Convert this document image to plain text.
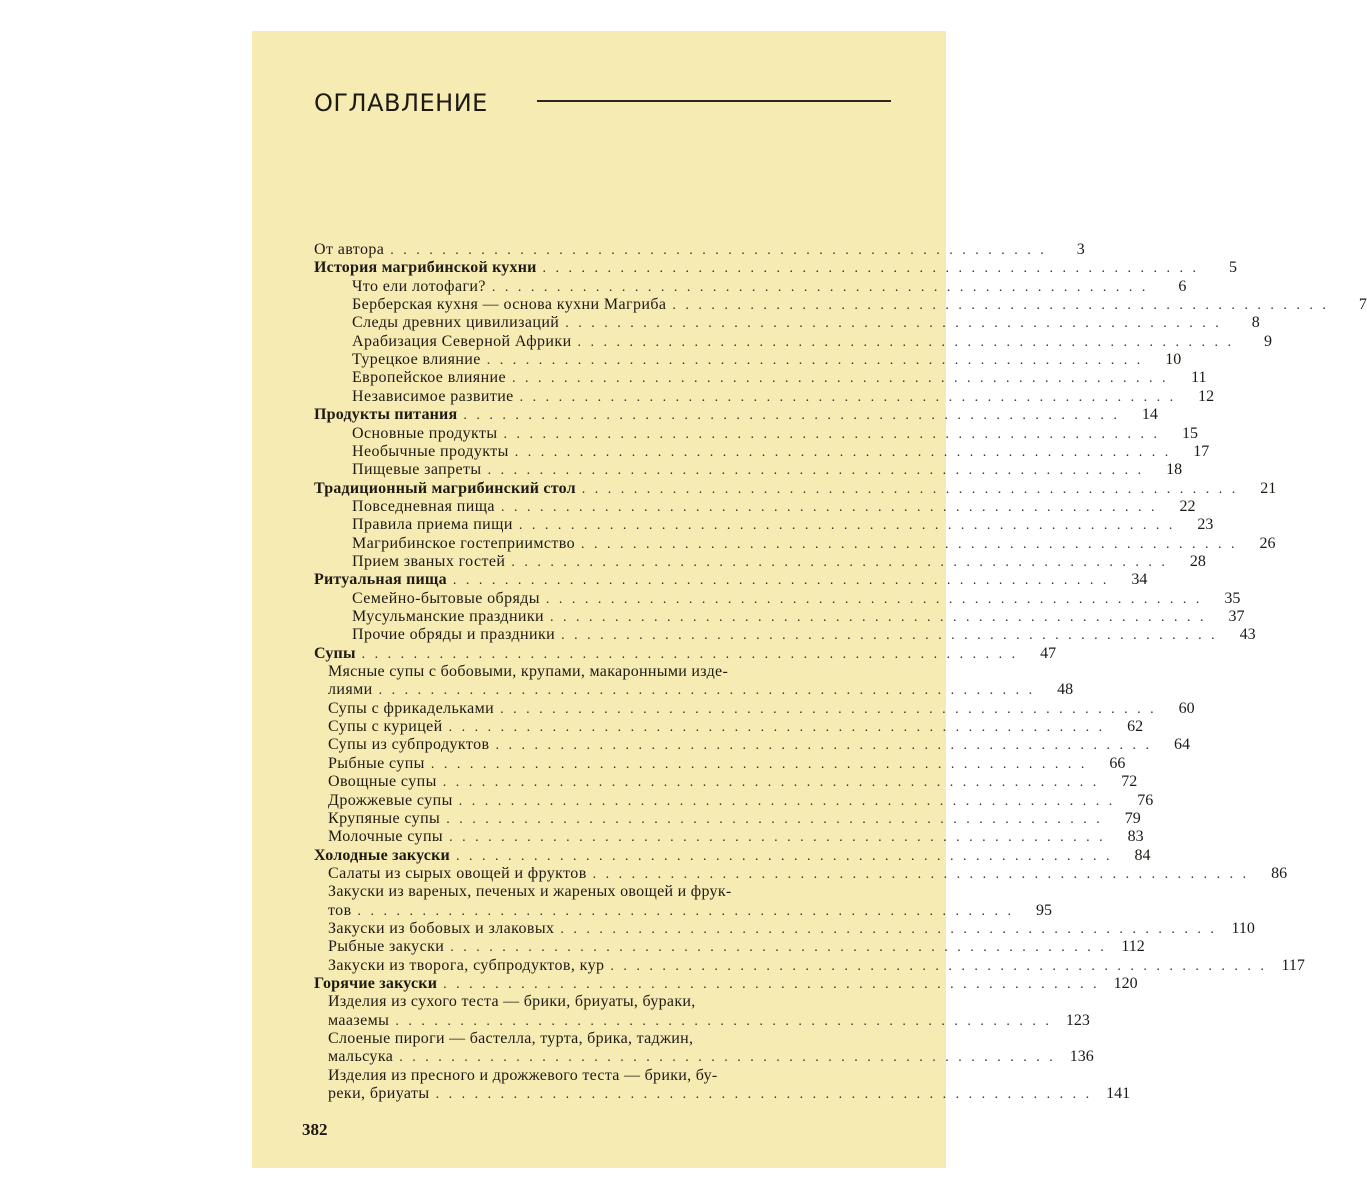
ОГЛАВЛЕНИЕ
От автора . . . . . . . . . . . . . . . . . . . . . . . . . . . . . . . . . . . . . . . . . . . . . . . . . . .	3
История магрибинской кухни . . . . . . . . . . . . . . . . . . . . . . . . . . . . . . . . . . . . . . . . . . . . . . . . . . .	5
Что ели лотофаги? . . . . . . . . . . . . . . . . . . . . . . . . . . . . . . . . . . . . . . . . . . . . . . . . . . .	6
Берберская кухня — основа кухни Магриба . . . . . . . . . . . . . . . . . . . . . . . . . . . . . . . . . . . . . . . . . . . . . . . . . . .	7
Следы древних цивилизаций . . . . . . . . . . . . . . . . . . . . . . . . . . . . . . . . . . . . . . . . . . . . . . . . . . .	8
Арабизация Северной Африки . . . . . . . . . . . . . . . . . . . . . . . . . . . . . . . . . . . . . . . . . . . . . . . . . . .	9
Турецкое влияние . . . . . . . . . . . . . . . . . . . . . . . . . . . . . . . . . . . . . . . . . . . . . . . . . . .	10
Европейское влияние . . . . . . . . . . . . . . . . . . . . . . . . . . . . . . . . . . . . . . . . . . . . . . . . . . .	11
Независимое развитие . . . . . . . . . . . . . . . . . . . . . . . . . . . . . . . . . . . . . . . . . . . . . . . . . . .	12
Продукты питания . . . . . . . . . . . . . . . . . . . . . . . . . . . . . . . . . . . . . . . . . . . . . . . . . . .	14
Основные продукты . . . . . . . . . . . . . . . . . . . . . . . . . . . . . . . . . . . . . . . . . . . . . . . . . . .	15
Необычные продукты . . . . . . . . . . . . . . . . . . . . . . . . . . . . . . . . . . . . . . . . . . . . . . . . . . .	17
Пищевые запреты . . . . . . . . . . . . . . . . . . . . . . . . . . . . . . . . . . . . . . . . . . . . . . . . . . .	18
Традиционный магрибинский стол . . . . . . . . . . . . . . . . . . . . . . . . . . . . . . . . . . . . . . . . . . . . . . . . . . .	21
Повседневная пища . . . . . . . . . . . . . . . . . . . . . . . . . . . . . . . . . . . . . . . . . . . . . . . . . . .	22
Правила приема пищи . . . . . . . . . . . . . . . . . . . . . . . . . . . . . . . . . . . . . . . . . . . . . . . . . . .	23
Магрибинское гостеприимство . . . . . . . . . . . . . . . . . . . . . . . . . . . . . . . . . . . . . . . . . . . . . . . . . . .	26
Прием званых гостей . . . . . . . . . . . . . . . . . . . . . . . . . . . . . . . . . . . . . . . . . . . . . . . . . . .	28
Ритуальная пища . . . . . . . . . . . . . . . . . . . . . . . . . . . . . . . . . . . . . . . . . . . . . . . . . . .	34
Семейно-бытовые обряды . . . . . . . . . . . . . . . . . . . . . . . . . . . . . . . . . . . . . . . . . . . . . . . . . . .	35
Мусульманские праздники . . . . . . . . . . . . . . . . . . . . . . . . . . . . . . . . . . . . . . . . . . . . . . . . . . .	37
Прочие обряды и праздники . . . . . . . . . . . . . . . . . . . . . . . . . . . . . . . . . . . . . . . . . . . . . . . . . . .	43
Супы . . . . . . . . . . . . . . . . . . . . . . . . . . . . . . . . . . . . . . . . . . . . . . . . . . .	47
Мясные супы с бобовыми, крупами, макаронными изде-
лиями . . . . . . . . . . . . . . . . . . . . . . . . . . . . . . . . . . . . . . . . . . . . . . . . . . .	48
Супы с фрикадельками . . . . . . . . . . . . . . . . . . . . . . . . . . . . . . . . . . . . . . . . . . . . . . . . . . .	60
Супы с курицей . . . . . . . . . . . . . . . . . . . . . . . . . . . . . . . . . . . . . . . . . . . . . . . . . . .	62
Супы из субпродуктов . . . . . . . . . . . . . . . . . . . . . . . . . . . . . . . . . . . . . . . . . . . . . . . . . . .	64
Рыбные супы . . . . . . . . . . . . . . . . . . . . . . . . . . . . . . . . . . . . . . . . . . . . . . . . . . .	66
Овощные супы . . . . . . . . . . . . . . . . . . . . . . . . . . . . . . . . . . . . . . . . . . . . . . . . . . .	72
Дрожжевые супы . . . . . . . . . . . . . . . . . . . . . . . . . . . . . . . . . . . . . . . . . . . . . . . . . . .	76
Крупяные супы . . . . . . . . . . . . . . . . . . . . . . . . . . . . . . . . . . . . . . . . . . . . . . . . . . .	79
Молочные супы . . . . . . . . . . . . . . . . . . . . . . . . . . . . . . . . . . . . . . . . . . . . . . . . . . .	83
Холодные закуски . . . . . . . . . . . . . . . . . . . . . . . . . . . . . . . . . . . . . . . . . . . . . . . . . . .	84
Салаты из сырых овощей и фруктов . . . . . . . . . . . . . . . . . . . . . . . . . . . . . . . . . . . . . . . . . . . . . . . . . . .	86
Закуски из вареных, печеных и жареных овощей и фрук-
тов . . . . . . . . . . . . . . . . . . . . . . . . . . . . . . . . . . . . . . . . . . . . . . . . . . .	95
Закуски из бобовых и злаковых . . . . . . . . . . . . . . . . . . . . . . . . . . . . . . . . . . . . . . . . . . . . . . . . . . . 110
Рыбные закуски . . . . . . . . . . . . . . . . . . . . . . . . . . . . . . . . . . . . . . . . . . . . . . . . . . . 112
Закуски из творога, субпродуктов, кур . . . . . . . . . . . . . . . . . . . . . . . . . . . . . . . . . . . . . . . . . . . . . . . . . . . 117
Горячие закуски . . . . . . . . . . . . . . . . . . . . . . . . . . . . . . . . . . . . . . . . . . . . . . . . . . . 120
Изделия из сухого теста — брики, бриуаты, бураки,
мааземы . . . . . . . . . . . . . . . . . . . . . . . . . . . . . . . . . . . . . . . . . . . . . . . . . . . 123
Слоеные пироги — бастелла, турта, брика, таджин,
мальсука . . . . . . . . . . . . . . . . . . . . . . . . . . . . . . . . . . . . . . . . . . . . . . . . . . . 136
Изделия из пресного и дрожжевого теста — брики, бу-
реки, бриуаты . . . . . . . . . . . . . . . . . . . . . . . . . . . . . . . . . . . . . . . . . . . . . . . . . . . 141
382
